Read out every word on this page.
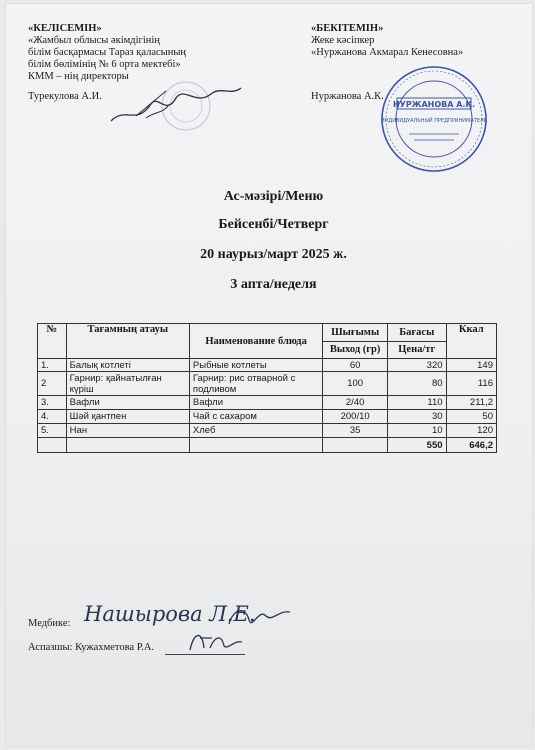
«КЕЛІСЕМІН»
«Жамбыл облысы әкімдігінің
білім басқармасы Тараз қаласының
білім бөлімінің № 6 орта мектебі»
КММ – нің директоры
Турекулова А.И.
«БЕКІТЕМІН»
Жеке кәсіпкер
«Нуржанова Акмарал Кенесовна»
Нуржанова А.К.
НУРЖАНОВА А.К.
ИНДИВИДУАЛЬНЫЙ ПРЕДПРИНИМАТЕЛЬ
Ас-мәзірі/Меню
Бейсенбі/Четверг
20 наурыз/март 2025 ж.
3 апта/неделя
№	Тағамның атауы	Наименование блюда	Шығымы	Бағасы	Ккал
			Выход (гр)	Цена/тг	
1.	Балық котлеті	Рыбные котлеты	60	320	149
2	Гарнир: қайнатылған күріш	Гарнир: рис отварной с подливом	100	80	116
3.	Вафли	Вафли	2/40	110	211,2
4.	Шәй қантпен	Чай с сахаром	200/10	30	50
5.	Нан	Хлеб	35	10	120
				550	646,2
Медбике: Нашырова Л.Е.
Аспазшы: Кужахметова Р.А.
